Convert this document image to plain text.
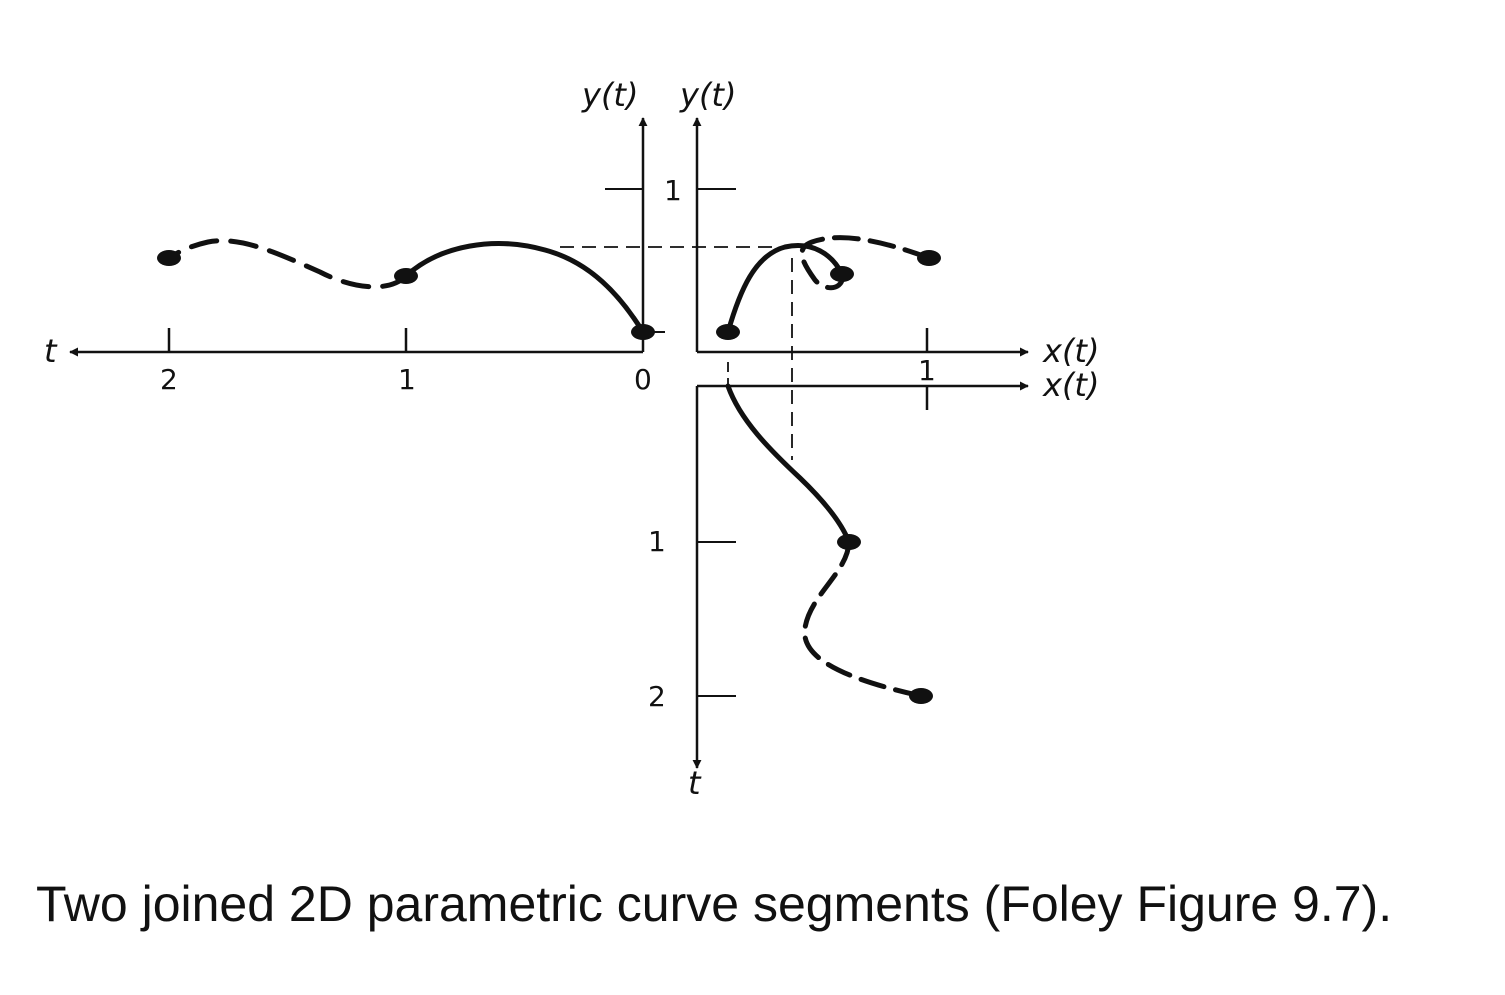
t
y(t)
2	1	0
1
y(t)
x(t)
1	x(t)
t
1
2
Two joined 2D parametric curve segments (Foley Figure 9.7).
